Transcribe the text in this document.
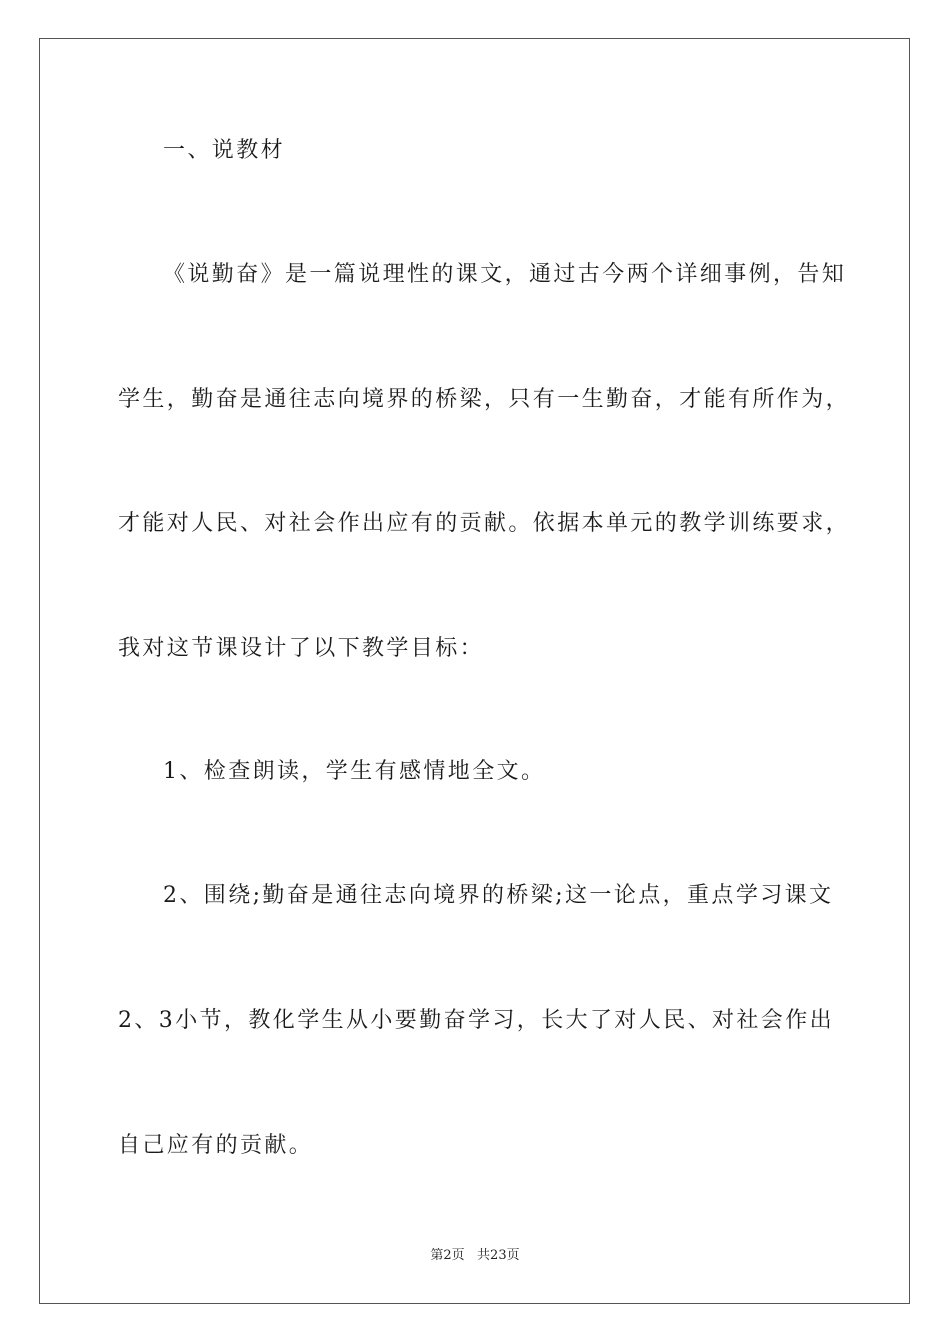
一、说教材
《说勤奋》是一篇说理性的课文，通过古今两个详细事例，告知
学生，勤奋是通往志向境界的桥梁，只有一生勤奋，才能有所作为，
才能对人民、对社会作出应有的贡献。依据本单元的教学训练要求，
我对这节课设计了以下教学目标：
1、检查朗读，学生有感情地全文。
2、围绕;勤奋是通往志向境界的桥梁;这一论点，重点学习课文
2、3小节，教化学生从小要勤奋学习，长大了对人民、对社会作出
自己应有的贡献。
第2页   共23页
